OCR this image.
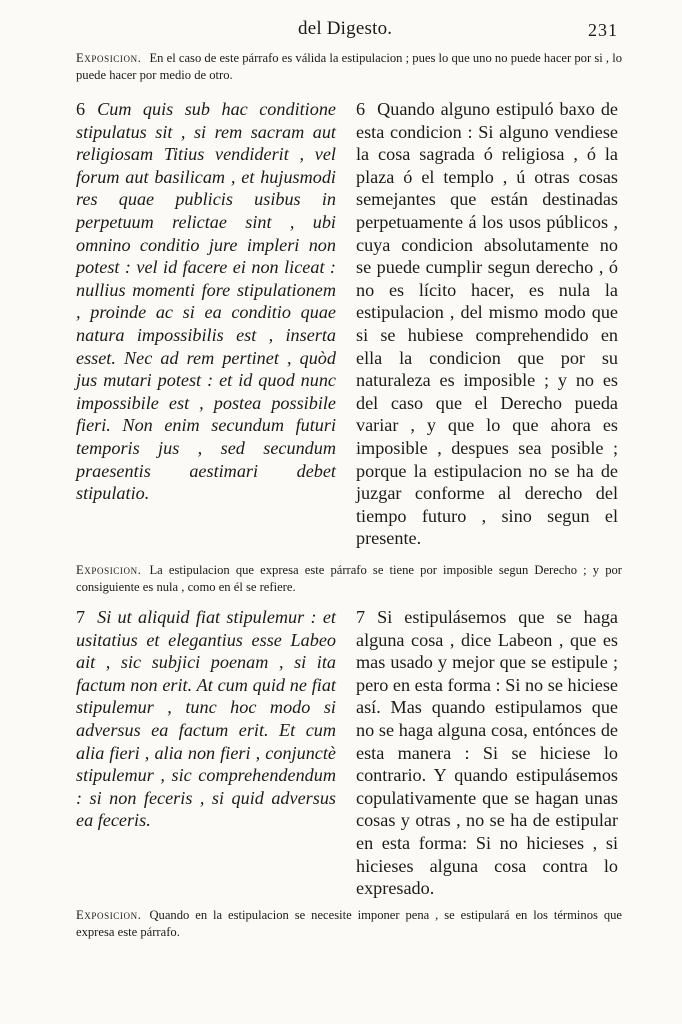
del Digesto.	231
Exposicion. En el caso de este párrafo es válida la estipulacion ; pues lo que uno no puede hacer por si , lo puede hacer por medio de otro.
6 Cum quis sub hac conditione stipulatus sit , si rem sacram aut religiosam Titius vendiderit , vel forum aut basilicam , et hujusmodi res quae publicis usibus in perpetuum relictae sint , ubi omnino conditio jure impleri non potest : vel id facere ei non liceat : nullius momenti fore stipulationem , proinde ac si ea conditio quae natura impossibilis est , inserta esset. Nec ad rem pertinet , quòd jus mutari potest : et id quod nunc impossibile est , postea possibile fieri. Non enim secundum futuri temporis jus , sed secundum praesentis aestimari debet stipulatio.
6 Quando alguno estipuló baxo de esta condicion : Si alguno vendiese la cosa sagrada ó religiosa , ó la plaza ó el templo , ú otras cosas semejantes que están destinadas perpetuamente á los usos públicos , cuya condicion absolutamente no se puede cumplir segun derecho , ó no es lícito hacer, es nula la estipulacion , del mismo modo que si se hubiese comprehendido en ella la condicion que por su naturaleza es imposible ; y no es del caso que el Derecho pueda variar , y que lo que ahora es imposible , despues sea posible ; porque la estipulacion no se ha de juzgar conforme al derecho del tiempo futuro , sino segun el presente.
Exposicion. La estipulacion que expresa este párrafo se tiene por imposible segun Derecho ; y por consiguiente es nula , como en él se refiere.
7 Si ut aliquid fiat stipulemur : et usitatius et elegantius esse Labeo ait , sic subjici poenam , si ita factum non erit. At cum quid ne fiat stipulemur , tunc hoc modo si adversus ea factum erit. Et cum alia fieri , alia non fieri , conjunctè stipulemur , sic comprehendendum : si non feceris , si quid adversus ea feceris.
7 Si estipulásemos que se haga alguna cosa , dice Labeon , que es mas usado y mejor que se estipule ; pero en esta forma : Si no se hiciese así. Mas quando estipulamos que no se haga alguna cosa, entónces de esta manera : Si se hiciese lo contrario. Y quando estipulásemos copulativamente que se hagan unas cosas y otras , no se ha de estipular en esta forma: Si no hicieses , si hicieses alguna cosa contra lo expresado.
Exposicion. Quando en la estipulacion se necesite imponer pena , se estipulará en los términos que expresa este párrafo.
